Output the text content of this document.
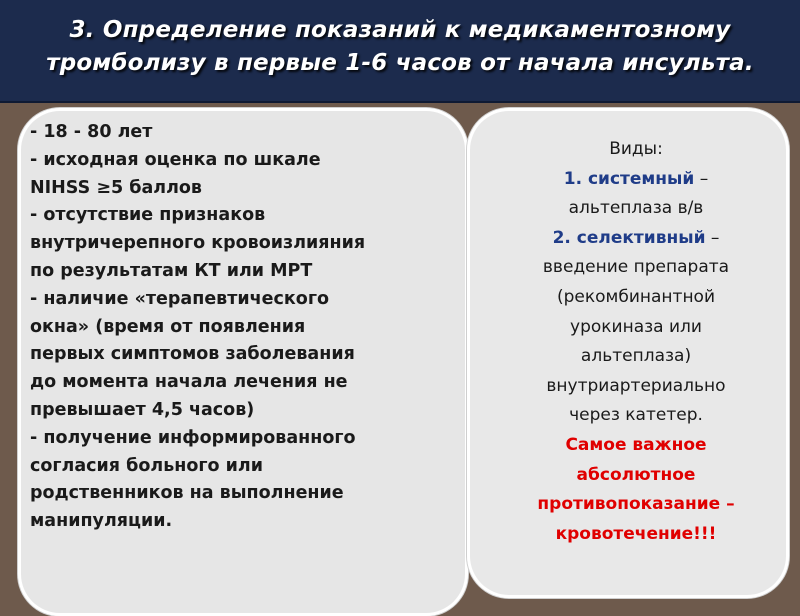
3. Определение показаний к медикаментозному тромболизу в первые 1-6 часов от начала инсульта.
- 18 - 80 лет
- исходная оценка по шкале
NIHSS ≥5 баллов
- отсутствие признаков
внутричерепного кровоизлияния
по результатам КТ или МРТ
- наличие «терапевтического
окна» (время от появления
первых симптомов заболевания
до момента начала лечения не
превышает 4,5 часов)
- получение информированного
согласия больного или
родственников на выполнение
манипуляции.
Виды:
1. системный –
альтеплаза в/в
2. селективный –
введение препарата
(рекомбинантной
урокиназа или
альтеплаза)
внутриартериально
через катетер.
Самое важное
абсолютное
противопоказание –
кровотечение!!!
